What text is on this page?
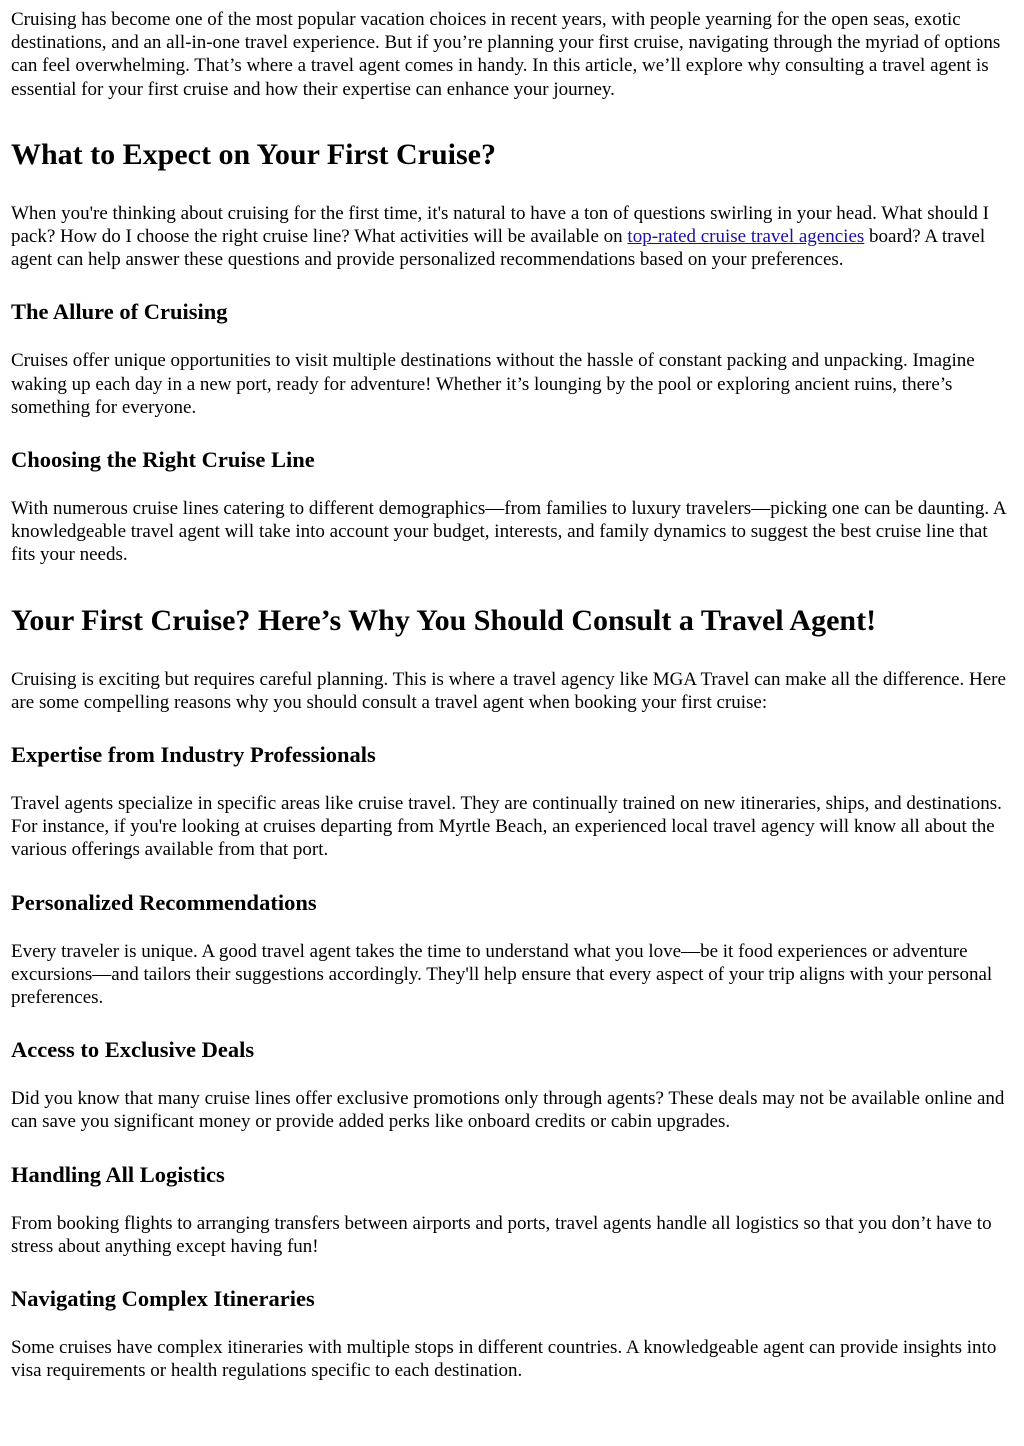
Cruising has become one of the most popular vacation choices in recent years, with people yearning for the open seas, exotic destinations, and an all-in-one travel experience. But if you’re planning your first cruise, navigating through the myriad of options can feel overwhelming. That’s where a travel agent comes in handy. In this article, we’ll explore why consulting a travel agent is essential for your first cruise and how their expertise can enhance your journey.

What to Expect on Your First Cruise?

When you're thinking about cruising for the first time, it's natural to have a ton of questions swirling in your head. What should I pack? How do I choose the right cruise line? What activities will be available on top-rated cruise travel agencies board? A travel agent can help answer these questions and provide personalized recommendations based on your preferences.

The Allure of Cruising

Cruises offer unique opportunities to visit multiple destinations without the hassle of constant packing and unpacking. Imagine waking up each day in a new port, ready for adventure! Whether it’s lounging by the pool or exploring ancient ruins, there’s something for everyone.

Choosing the Right Cruise Line

With numerous cruise lines catering to different demographics—from families to luxury travelers—picking one can be daunting. A knowledgeable travel agent will take into account your budget, interests, and family dynamics to suggest the best cruise line that fits your needs.

Your First Cruise? Here’s Why You Should Consult a Travel Agent!

Cruising is exciting but requires careful planning. This is where a travel agency like MGA Travel can make all the difference. Here are some compelling reasons why you should consult a travel agent when booking your first cruise:

Expertise from Industry Professionals

Travel agents specialize in specific areas like cruise travel. They are continually trained on new itineraries, ships, and destinations. For instance, if you're looking at cruises departing from Myrtle Beach, an experienced local travel agency will know all about the various offerings available from that port.

Personalized Recommendations

Every traveler is unique. A good travel agent takes the time to understand what you love—be it food experiences or adventure excursions—and tailors their suggestions accordingly. They'll help ensure that every aspect of your trip aligns with your personal preferences.

Access to Exclusive Deals

Did you know that many cruise lines offer exclusive promotions only through agents? These deals may not be available online and can save you significant money or provide added perks like onboard credits or cabin upgrades.

Handling All Logistics

From booking flights to arranging transfers between airports and ports, travel agents handle all logistics so that you don’t have to stress about anything except having fun!

Navigating Complex Itineraries

Some cruises have complex itineraries with multiple stops in different countries. A knowledgeable agent can provide insights into visa requirements or health regulations specific to each destination.
